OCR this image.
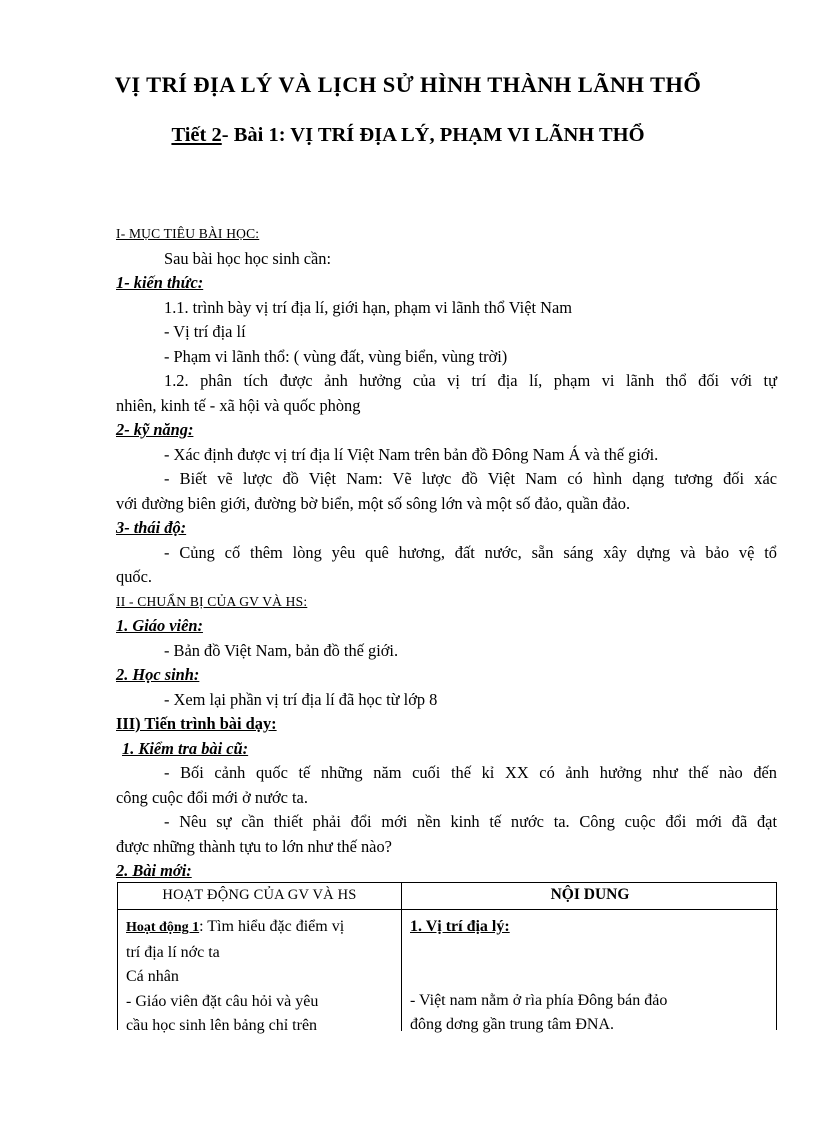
VỊ TRÍ ĐỊA LÝ VÀ LỊCH SỬ HÌNH THÀNH LÃNH THỔ
Tiết 2- Bài 1: VỊ TRÍ ĐỊA LÝ, PHẠM VI LÃNH THỔ
I- MỤC TIÊU BÀI HỌC:
Sau bài học học sinh cần:
1- kiến thức:
1.1. trình bày vị trí địa lí, giới hạn, phạm vi lãnh thổ Việt Nam
- Vị trí địa lí
- Phạm vi lãnh thổ: ( vùng đất, vùng biển, vùng trời)
1.2. phân tích được ảnh hưởng của vị trí địa lí, phạm vi lãnh thổ đối với tự
nhiên, kinh tế - xã hội và quốc phòng
2- kỹ năng:
- Xác định được vị trí địa lí Việt Nam trên bản đồ Đông Nam Á và thế giới.
- Biết vẽ lược đồ Việt Nam: Vẽ lược đồ Việt Nam có hình dạng tương đối xác
với đường biên giới, đường bờ biển, một số sông lớn và một số đảo, quần đảo.
3- thái độ:
- Củng cố thêm lòng yêu quê hương, đất nước, sẵn sáng xây dựng và bảo vệ tổ
quốc.
II - CHUẨN BỊ CỦA GV VÀ HS:
1. Giáo viên:
- Bản đồ Việt Nam, bản đồ thế giới.
2. Học sinh:
- Xem lại phần vị trí địa lí đã học từ lớp 8
III) Tiến trình bài dạy:
1. Kiểm tra bài cũ:
- Bối cảnh quốc tế những năm cuối thế kỉ XX có ảnh hưởng như thế nào đến
công cuộc đổi mới ở nước ta.
- Nêu sự cần thiết phải đổi mới nền kinh tế nước ta. Công cuộc đổi mới đã đạt
được những thành tựu to lớn như thế nào?
2. Bài mới:
HOẠT ĐỘNG CỦA GV VÀ HS	NỘI DUNG
Hoạt động 1: Tìm hiểu đặc điểm vị
trí địa lí nớc ta
Cá nhân
- Giáo viên đặt câu hỏi và yêu
cầu học sinh lên bảng chỉ trên
1. Vị trí địa lý:
- Việt nam nằm ở rìa phía Đông bán đảo
đông dơng gần trung tâm ĐNA.
